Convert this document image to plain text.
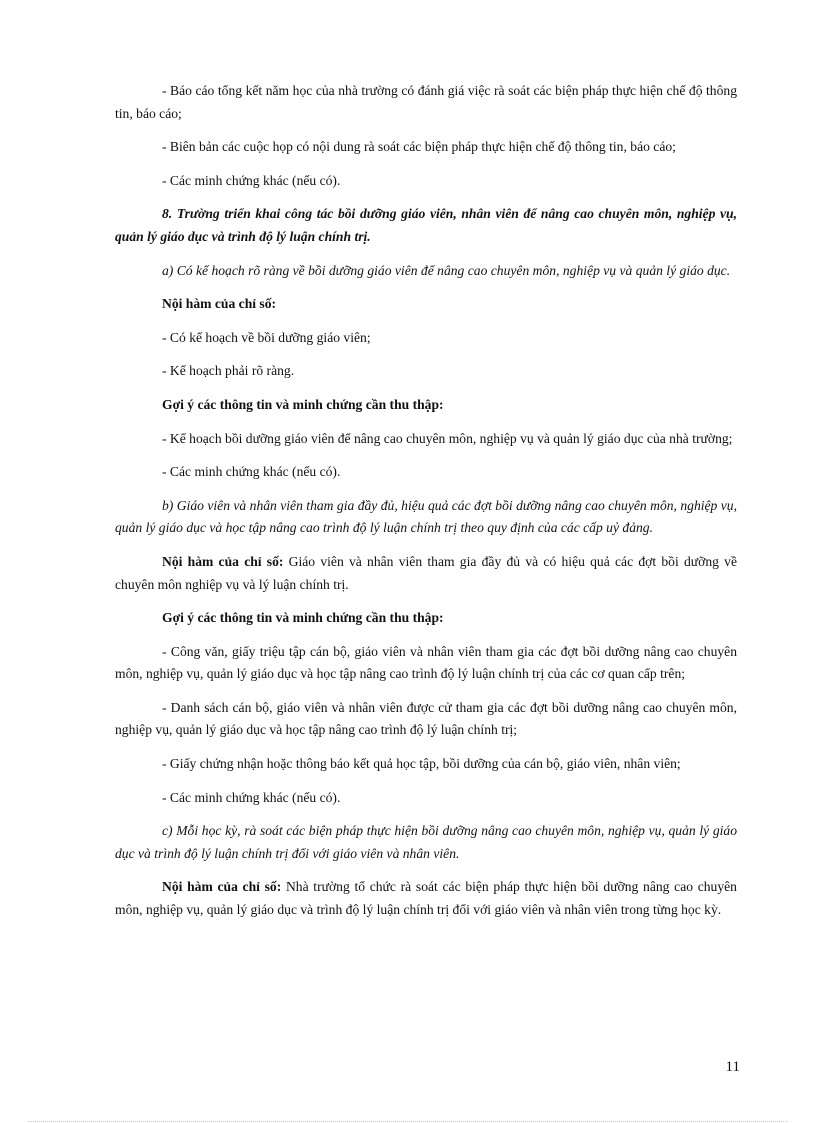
- Báo cáo tổng kết năm học của nhà trường có đánh giá việc rà soát các biện pháp thực hiện chế độ thông tin, báo cáo;

- Biên bản các cuộc họp có nội dung rà soát các biện pháp thực hiện chế độ thông tin, báo cáo;

- Các minh chứng khác (nếu có).

8. Trường triển khai công tác bồi dưỡng giáo viên, nhân viên để nâng cao chuyên môn, nghiệp vụ, quản lý giáo dục và trình độ lý luận chính trị.

a) Có kế hoạch rõ ràng về bồi dưỡng giáo viên để nâng cao chuyên môn, nghiệp vụ và quản lý giáo dục.

Nội hàm của chỉ số:

- Có kế hoạch về bồi dưỡng giáo viên;

- Kế hoạch phải rõ ràng.

Gợi ý các thông tin và minh chứng cần thu thập:

- Kế hoạch bồi dưỡng giáo viên để nâng cao chuyên môn, nghiệp vụ và quản lý giáo dục của nhà trường;

- Các minh chứng khác (nếu có).

b) Giáo viên và nhân viên tham gia đầy đủ, hiệu quả các đợt bồi dưỡng nâng cao chuyên môn, nghiệp vụ, quản lý giáo dục và học tập nâng cao trình độ lý luận chính trị theo quy định của các cấp uỷ đảng.

Nội hàm của chỉ số: Giáo viên và nhân viên tham gia đầy đủ và có hiệu quả các đợt bồi dưỡng về chuyên môn nghiệp vụ và lý luận chính trị.

Gợi ý các thông tin và minh chứng cần thu thập:

- Công văn, giấy triệu tập cán bộ, giáo viên và nhân viên tham gia các đợt bồi dưỡng nâng cao chuyên môn, nghiệp vụ, quản lý giáo dục và học tập nâng cao trình độ lý luận chính trị của các cơ quan cấp trên;

- Danh sách cán bộ, giáo viên và nhân viên được cử tham gia các đợt bồi dưỡng nâng cao chuyên môn, nghiệp vụ, quản lý giáo dục và học tập nâng cao trình độ lý luận chính trị;

- Giấy chứng nhận hoặc thông báo kết quả học tập, bồi dưỡng của cán bộ, giáo viên, nhân viên;

- Các minh chứng khác (nếu có).

c) Mỗi học kỳ, rà soát các biện pháp thực hiện bồi dưỡng nâng cao chuyên môn, nghiệp vụ, quản lý giáo dục và trình độ lý luận chính trị đối với giáo viên và nhân viên.

Nội hàm của chỉ số: Nhà trường tổ chức rà soát các biện pháp thực hiện bồi dưỡng nâng cao chuyên môn, nghiệp vụ, quản lý giáo dục và trình độ lý luận chính trị đối với giáo viên và nhân viên trong từng học kỳ.

11
